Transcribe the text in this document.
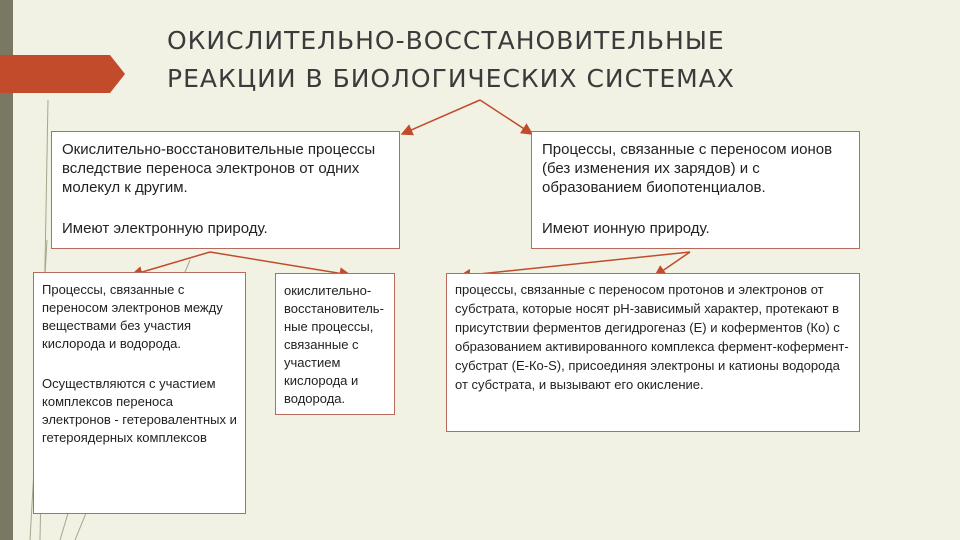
ОКИСЛИТЕЛЬНО-ВОССТАНОВИТЕЛЬНЫЕ
РЕАКЦИИ В БИОЛОГИЧЕСКИХ СИСТЕМАХ
Окислительно-восстановительные процессы вследствие переноса электронов от одних молекул к другим.
Имеют электронную природу.
Процессы, связанные с переносом ионов (без изменения их зарядов) и с образованием биопотенциалов.
Имеют ионную природу.
Процессы, связанные с переносом электронов между веществами без участия кислорода и водорода.
Осуществляются с участием комплексов переноса электронов - гетеровалентных и гетероядерных комплексов
окислительно-восстановитель-ные процессы, связанные с участием кислорода и водорода.
процессы, связанные с переносом протонов и электронов от субстрата, которые носят pH-зависимый характер, протекают в присутствии ферментов дегидрогеназ (Е) и коферментов (Ко) с образованием активированного комплекса фермент-кофермент-субстрат (Е-Ко-S), присоединяя электроны и катионы водорода от субстрата, и вызывают его окисление.
